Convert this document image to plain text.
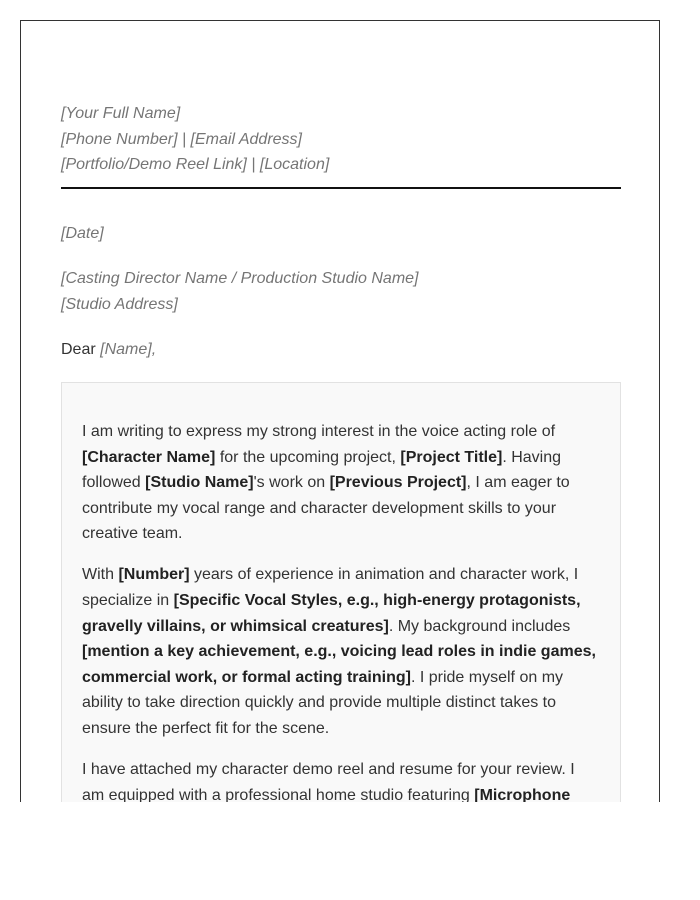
[Your Full Name]
[Phone Number] | [Email Address]
[Portfolio/Demo Reel Link] | [Location]
[Date]
[Casting Director Name / Production Studio Name]
[Studio Address]
Dear [Name],

I am writing to express my strong interest in the voice acting role of [Character Name] for the upcoming project, [Project Title]. Having followed [Studio Name]'s work on [Previous Project], I am eager to contribute my vocal range and character development skills to your creative team.

With [Number] years of experience in animation and character work, I specialize in [Specific Vocal Styles, e.g., high-energy protagonists, gravelly villains, or whimsical creatures]. My background includes [mention a key achievement, e.g., voicing lead roles in indie games, commercial work, or formal acting training]. I pride myself on my ability to take direction quickly and provide multiple distinct takes to ensure the perfect fit for the scene.

I have attached my character demo reel and resume for your review. I am equipped with a professional home studio featuring [Microphone
